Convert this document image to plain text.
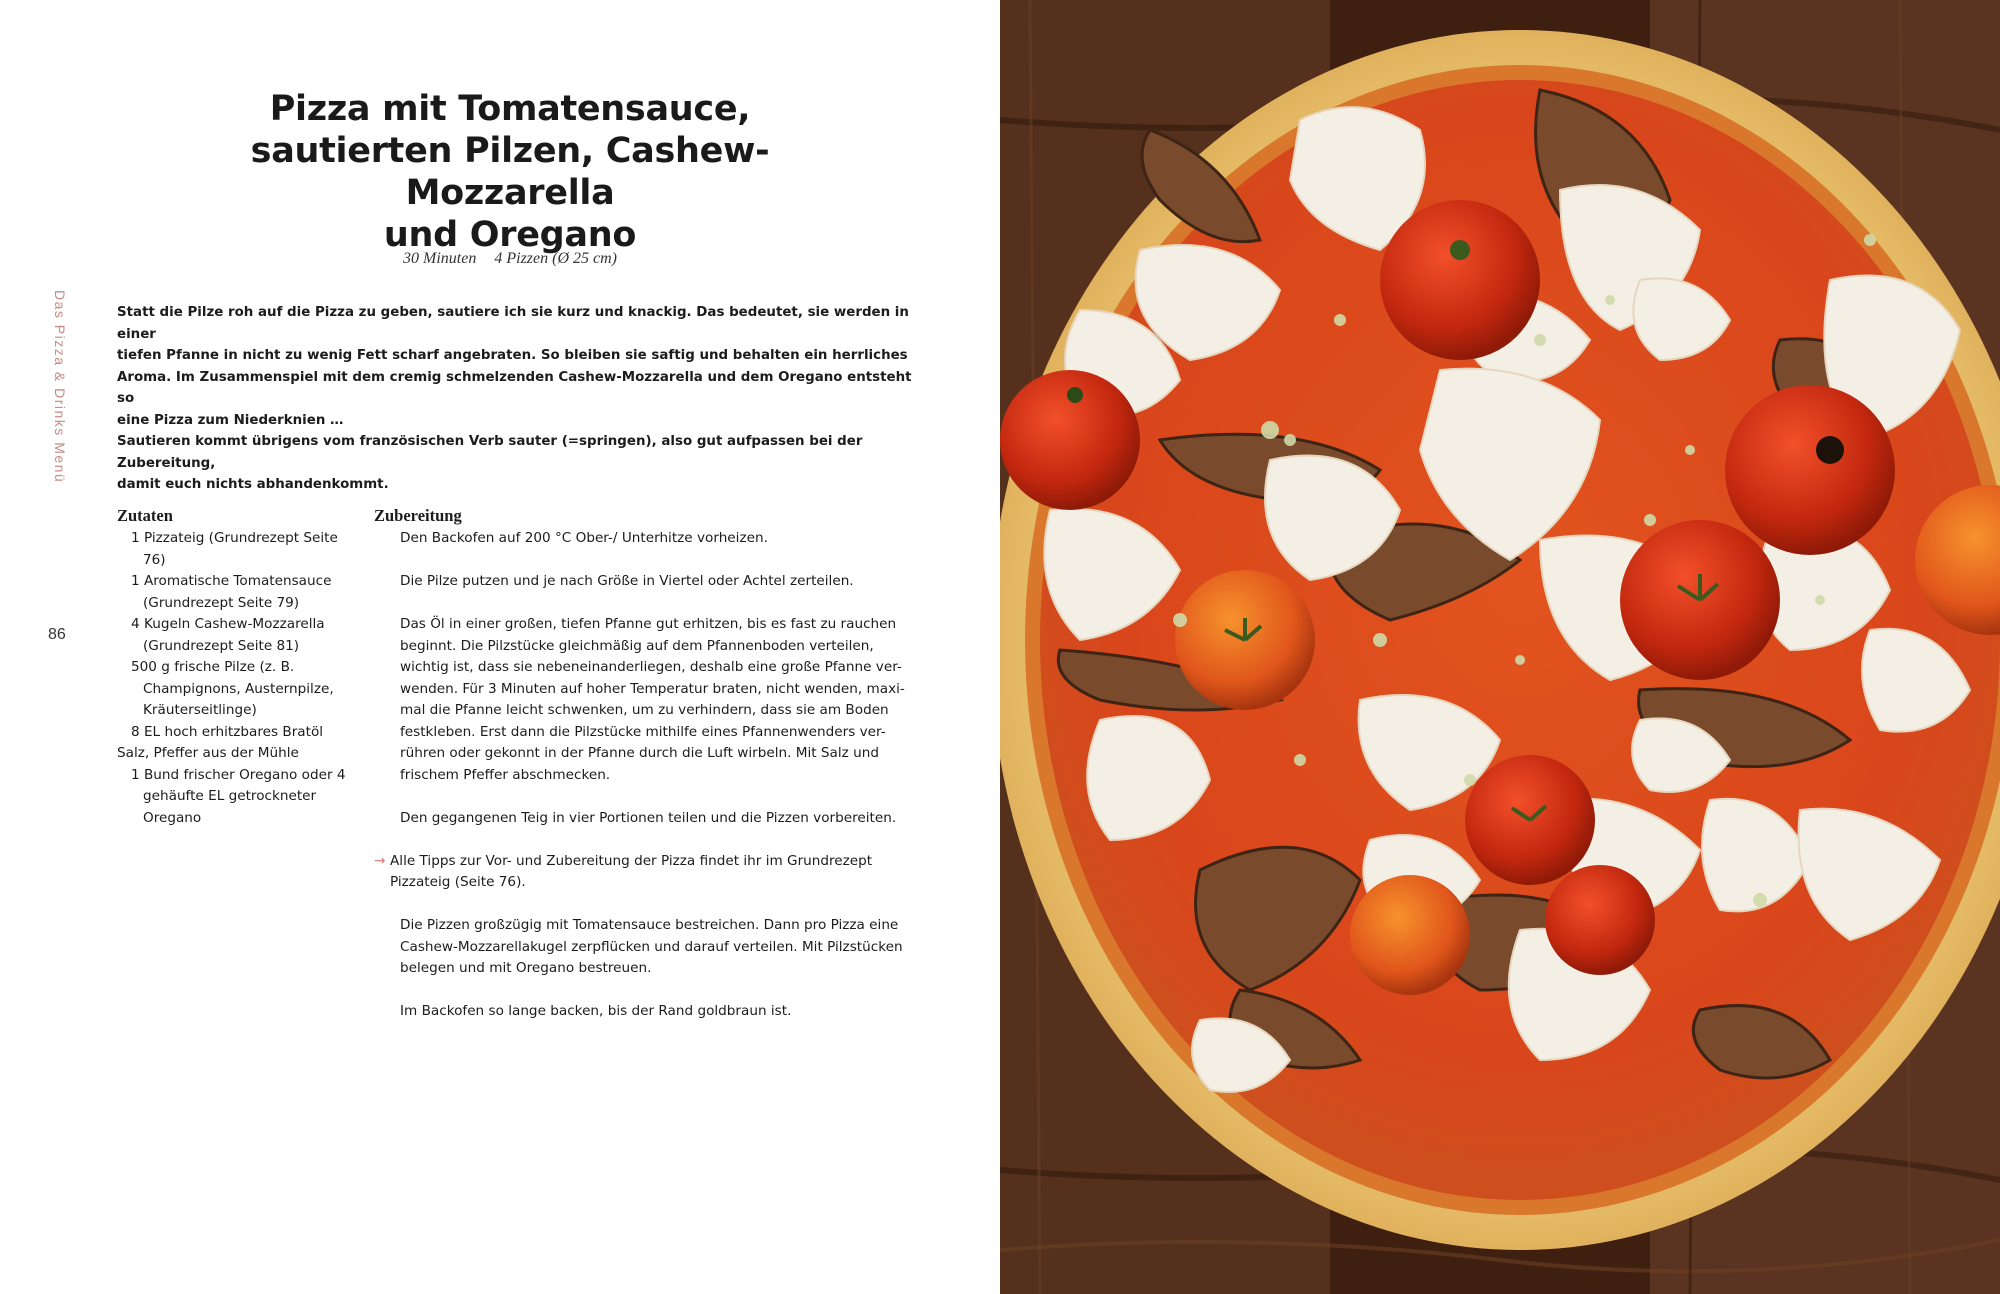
Pizza mit Tomatensauce,
sautierten Pilzen, Cashew-Mozzarella
und Oregano
30 Minuten 4 Pizzen (Ø 25 cm)
Das Pizza & Drinks Menü
86

Statt die Pilze roh auf die Pizza zu geben, sautiere ich sie kurz und knackig. Das bedeutet, sie werden in einer
tiefen Pfanne in nicht zu wenig Fett scharf angebraten. So bleiben sie saftig und behalten ein herrliches
Aroma. Im Zusammenspiel mit dem cremig schmelzenden Cashew-Mozzarella und dem Oregano entsteht so
eine Pizza zum Niederknien …
Sautieren kommt übrigens vom französischen Verb sauter (=springen), also gut aufpassen bei der Zubereitung,
damit euch nichts abhandenkommt.

Zutaten	Zubereitung
1 Pizzateig (Grundrezept Seite 76)
1 Aromatische Tomatensauce (Grundrezept Seite 79)
4 Kugeln Cashew-Mozzarella (Grundrezept Seite 81)
500 g frische Pilze (z. B. Champignons, Austernpilze, Kräuterseitlinge)
8 EL hoch erhitzbares Bratöl
Salz, Pfeffer aus der Mühle
1 Bund frischer Oregano oder 4 gehäufte EL getrockneter Oregano

Den Backofen auf 200 °C Ober-/ Unterhitze vorheizen.

Die Pilze putzen und je nach Größe in Viertel oder Achtel zerteilen.

Das Öl in einer großen, tiefen Pfanne gut erhitzen, bis es fast zu rauchen
beginnt. Die Pilzstücke gleichmäßig auf dem Pfannenboden verteilen,
wichtig ist, dass sie nebeneinanderliegen, deshalb eine große Pfanne ver-
wenden. Für 3 Minuten auf hoher Temperatur braten, nicht wenden, maxi-
mal die Pfanne leicht schwenken, um zu verhindern, dass sie am Boden
festkleben. Erst dann die Pilzstücke mithilfe eines Pfannenwenders ver-
rühren oder gekonnt in der Pfanne durch die Luft wirbeln. Mit Salz und
frischem Pfeffer abschmecken.

Den gegangenen Teig in vier Portionen teilen und die Pizzen vorbereiten.

→ Alle Tipps zur Vor- und Zubereitung der Pizza findet ihr im Grundrezept
Pizzateig (Seite 76).

Die Pizzen großzügig mit Tomatensauce bestreichen. Dann pro Pizza eine
Cashew-Mozzarellakugel zerpflücken und darauf verteilen. Mit Pilzstücken
belegen und mit Oregano bestreuen.

Im Backofen so lange backen, bis der Rand goldbraun ist.
